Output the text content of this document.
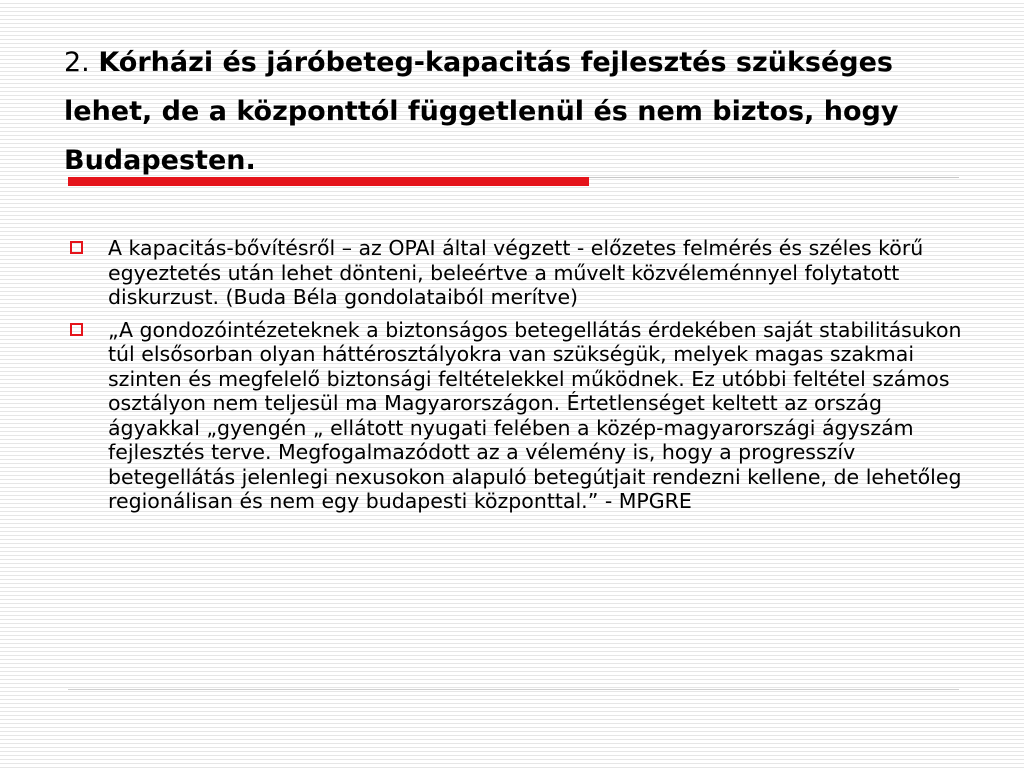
2. Kórházi és járóbeteg-kapacitás fejlesztés szükséges lehet, de a központtól függetlenül és nem biztos, hogy Budapesten.
A kapacitás-bővítésről – az OPAI által végzett - előzetes felmérés és széles körű egyeztetés után lehet dönteni, beleértve a művelt közvéleménnyel folytatott diskurzust. (Buda Béla gondolataiból merítve)
„A gondozóintézeteknek a biztonságos betegellátás érdekében saját stabilitásukon túl elsősorban olyan háttérosztályokra van szükségük, melyek magas szakmai szinten és megfelelő biztonsági feltételekkel működnek. Ez utóbbi feltétel számos osztályon nem teljesül ma Magyarországon. Értetlenséget keltett az ország ágyakkal „gyengén „ ellátott nyugati felében a közép-magyarországi ágyszám fejlesztés terve. Megfogalmazódott az a vélemény is, hogy a progresszív betegellátás jelenlegi nexusokon alapuló betegútjait rendezni kellene, de lehetőleg regionálisan és nem egy budapesti központtal.” - MPGRE
